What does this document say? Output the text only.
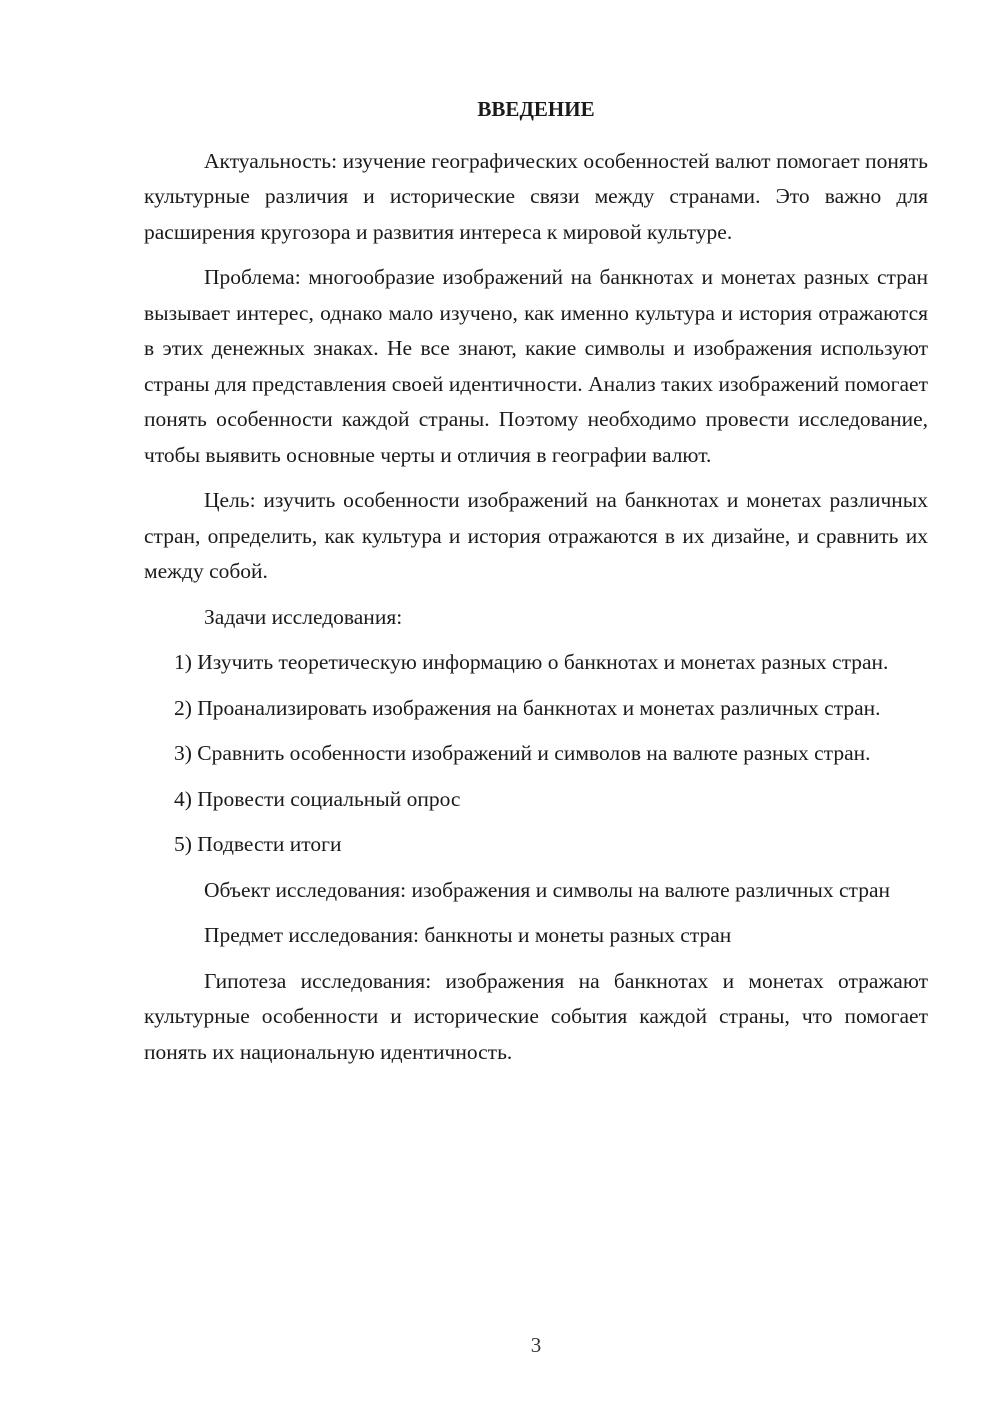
ВВЕДЕНИЕ

Актуальность: изучение географических особенностей валют помогает понять культурные различия и исторические связи между странами. Это важно для расширения кругозора и развития интереса к мировой культуре.

Проблема: многообразие изображений на банкнотах и монетах разных стран вызывает интерес, однако мало изучено, как именно культура и история отражаются в этих денежных знаках. Не все знают, какие символы и изображения используют страны для представления своей идентичности. Анализ таких изображений помогает понять особенности каждой страны. Поэтому необходимо провести исследование, чтобы выявить основные черты и отличия в географии валют.

Цель: изучить особенности изображений на банкнотах и монетах различных стран, определить, как культура и история отражаются в их дизайне, и сравнить их между собой.

Задачи исследования:

1) Изучить теоретическую информацию о банкнотах и монетах разных стран.

2) Проанализировать изображения на банкнотах и монетах различных стран.

3) Сравнить особенности изображений и символов на валюте разных стран.

4) Провести социальный опрос

5) Подвести итоги

Объект исследования: изображения и символы на валюте различных стран

Предмет исследования: банкноты и монеты разных стран

Гипотеза исследования: изображения на банкнотах и монетах отражают культурные особенности и исторические события каждой страны, что помогает понять их национальную идентичность.

3
